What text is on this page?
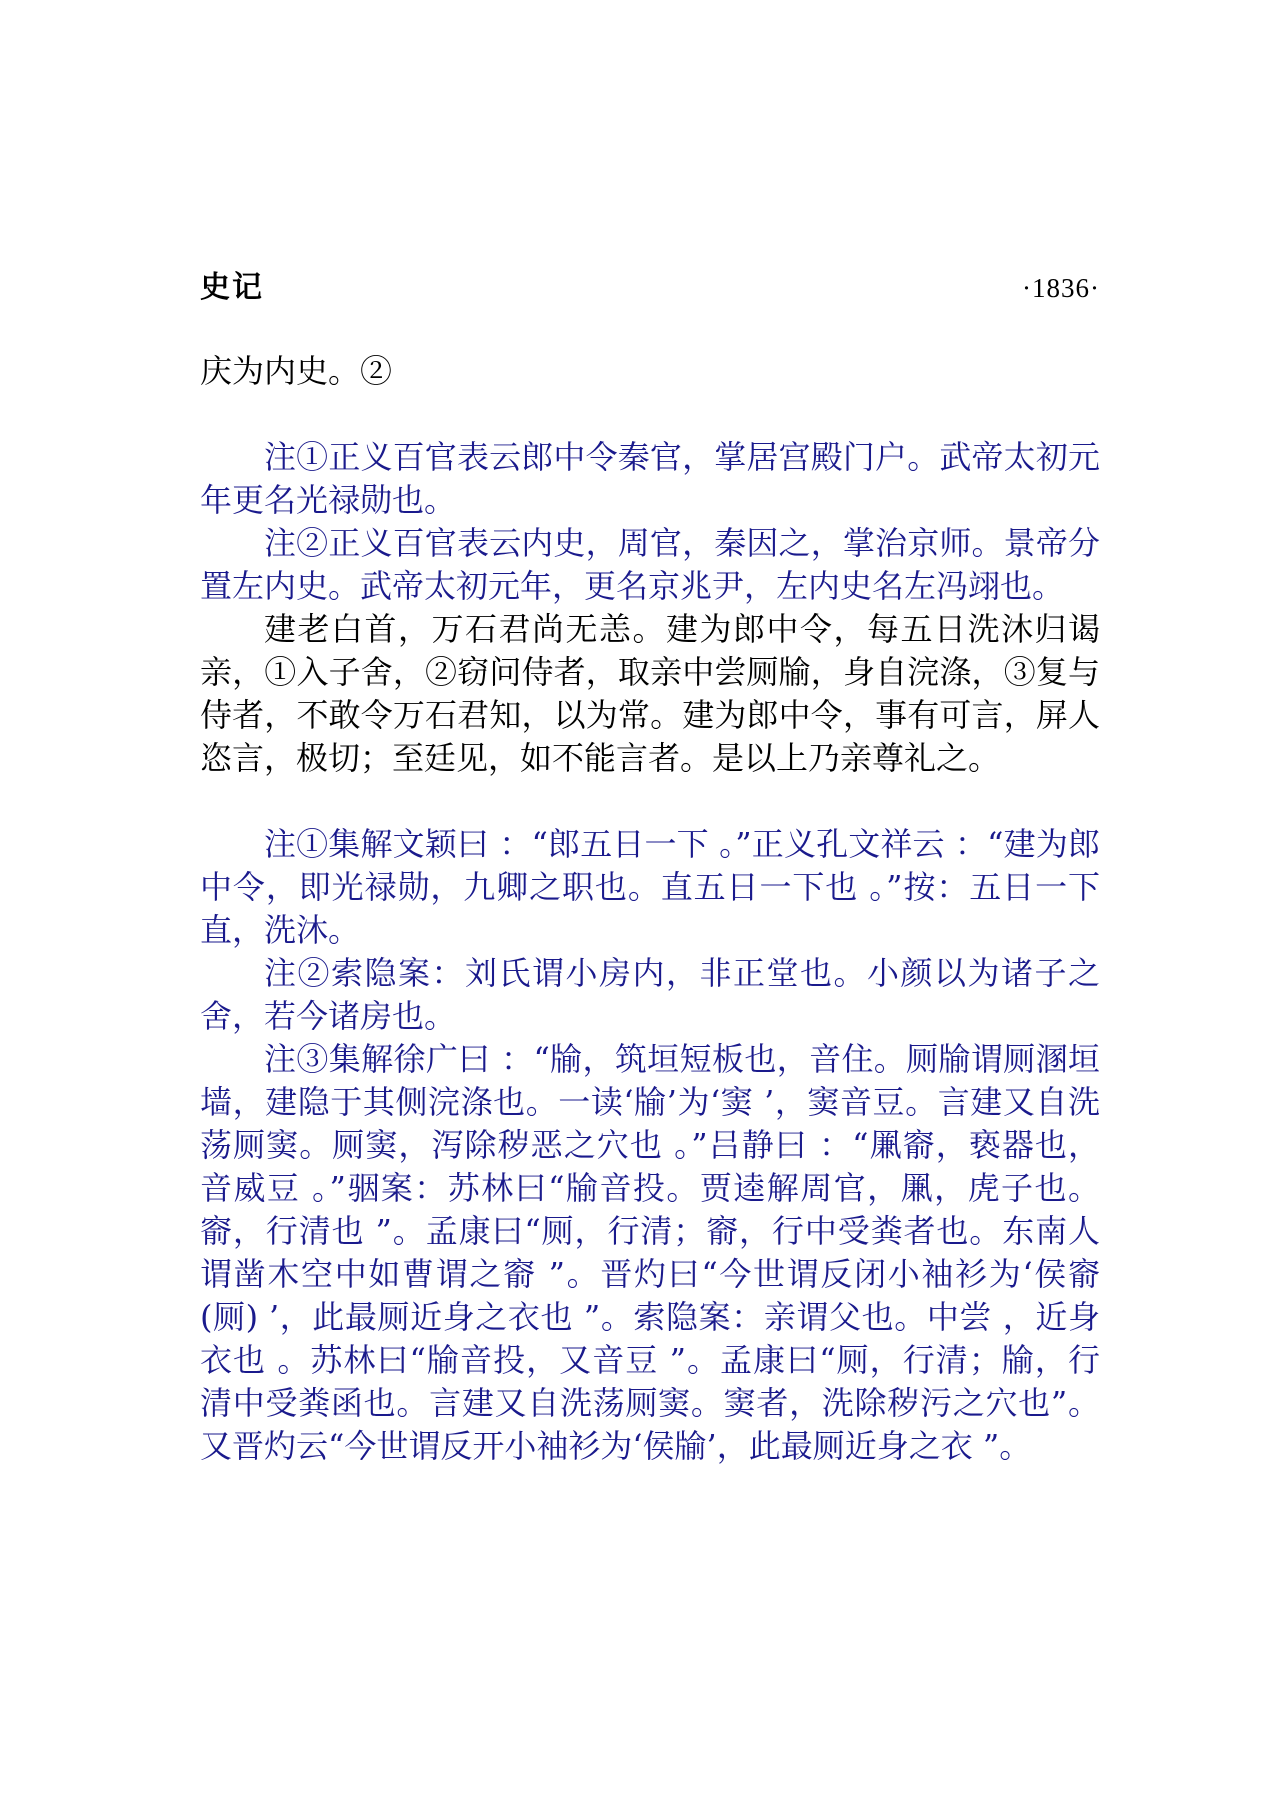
史记	·1836·

庆为内史。②

注①正义百官表云郎中令秦官，掌居宫殿门户。武帝太初元年更名光禄勋也。

注②正义百官表云内史，周官，秦因之，掌治京师。景帝分置左内史。武帝太初元年，更名京兆尹，左内史名左冯翊也。

建老白首，万石君尚无恙。建为郎中令，每五日洗沐归谒亲，①入子舍，②窃问侍者，取亲中尝厕牏，身自浣涤，③复与侍者，不敢令万石君知，以为常。建为郎中令，事有可言，屏人恣言，极切；至廷见，如不能言者。是以上乃亲尊礼之。

注①集解文颖曰 ：“郎五日一下 。”正义孔文祥云 ：“建为郎中令，即光禄勋，九卿之职也。直五日一下也 。”按：五日一下直，洗沐。

注②索隐案：刘氏谓小房内，非正堂也。小颜以为诸子之舍，若今诸房也。

注③集解徐广曰 ：“牏，筑垣短板也，音住。厕牏谓厕溷垣墙，建隐于其侧浣涤也。一读‘牏’为‘窦 ’，窦音豆。言建又自洗荡厕窦。厕窦，泻除秽恶之穴也 。”吕静曰 ：“凲窬，亵器也，音威豆 。”骃案：苏林曰“牏音投。贾逵解周官，凲，虎子也。窬，行清也 ”。孟康曰“厕，行清；窬，行中受粪者也。东南人谓凿木空中如曹谓之窬 ”。晋灼曰“今世谓反闭小袖衫为‘侯窬(厕) ’，此最厕近身之衣也 ”。索隐案：亲谓父也。中尝 ，近身衣也 。苏林曰“牏音投，又音豆 ”。孟康曰“厕，行清；牏，行清中受粪函也。言建又自洗荡厕窦。窦者，洗除秽污之穴也”。又晋灼云“今世谓反开小袖衫为‘侯牏’，此最厕近身之衣 ”。
